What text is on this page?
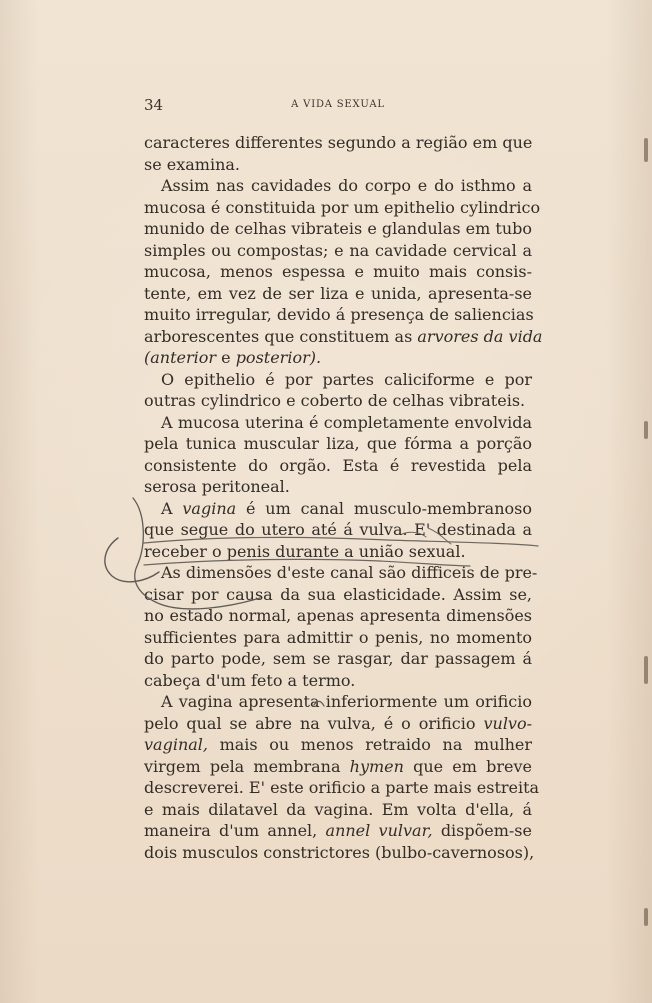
34	A VIDA SEXUAL
caracteres differentes segundo a região em que
se examina.
Assim nas cavidades do corpo e do isthmo a
mucosa é constituida por um epithelio cylindrico
munido de celhas vibrateis e glandulas em tubo
simples ou compostas; e na cavidade cervical a
mucosa, menos espessa e muito mais consis-
tente, em vez de ser liza e unida, apresenta-se
muito irregular, devido á presença de saliencias
arborescentes que constituem as arvores da vida
(anterior e posterior).
O epithelio é por partes caliciforme e por
outras cylindrico e coberto de celhas vibrateis.
A mucosa uterina é completamente envolvida
pela tunica muscular liza, que fórma a porção
consistente do orgão. Esta é revestida pela
serosa peritoneal.
A vagina é um canal musculo-membranoso
que segue do utero até á vulva. E' destinada a
receber o penis durante a união sexual.
As dimensões d'este canal são difficeis de pre-
cisar por causa da sua elasticidade. Assim se,
no estado normal, apenas apresenta dimensões
sufficientes para admittir o penis, no momento
do parto pode, sem se rasgar, dar passagem á
cabeça d'um feto a termo.
A vagina apresenta inferiormente um orificio
pelo qual se abre na vulva, é o orificio vulvo-
vaginal, mais ou menos retraido na mulher
virgem pela membrana hymen que em breve
descreverei. E' este orificio a parte mais estreita
e mais dilatavel da vagina. Em volta d'ella, á
maneira d'um annel, annel vulvar, dispõem-se
dois musculos constrictores (bulbo-cavernosos),
